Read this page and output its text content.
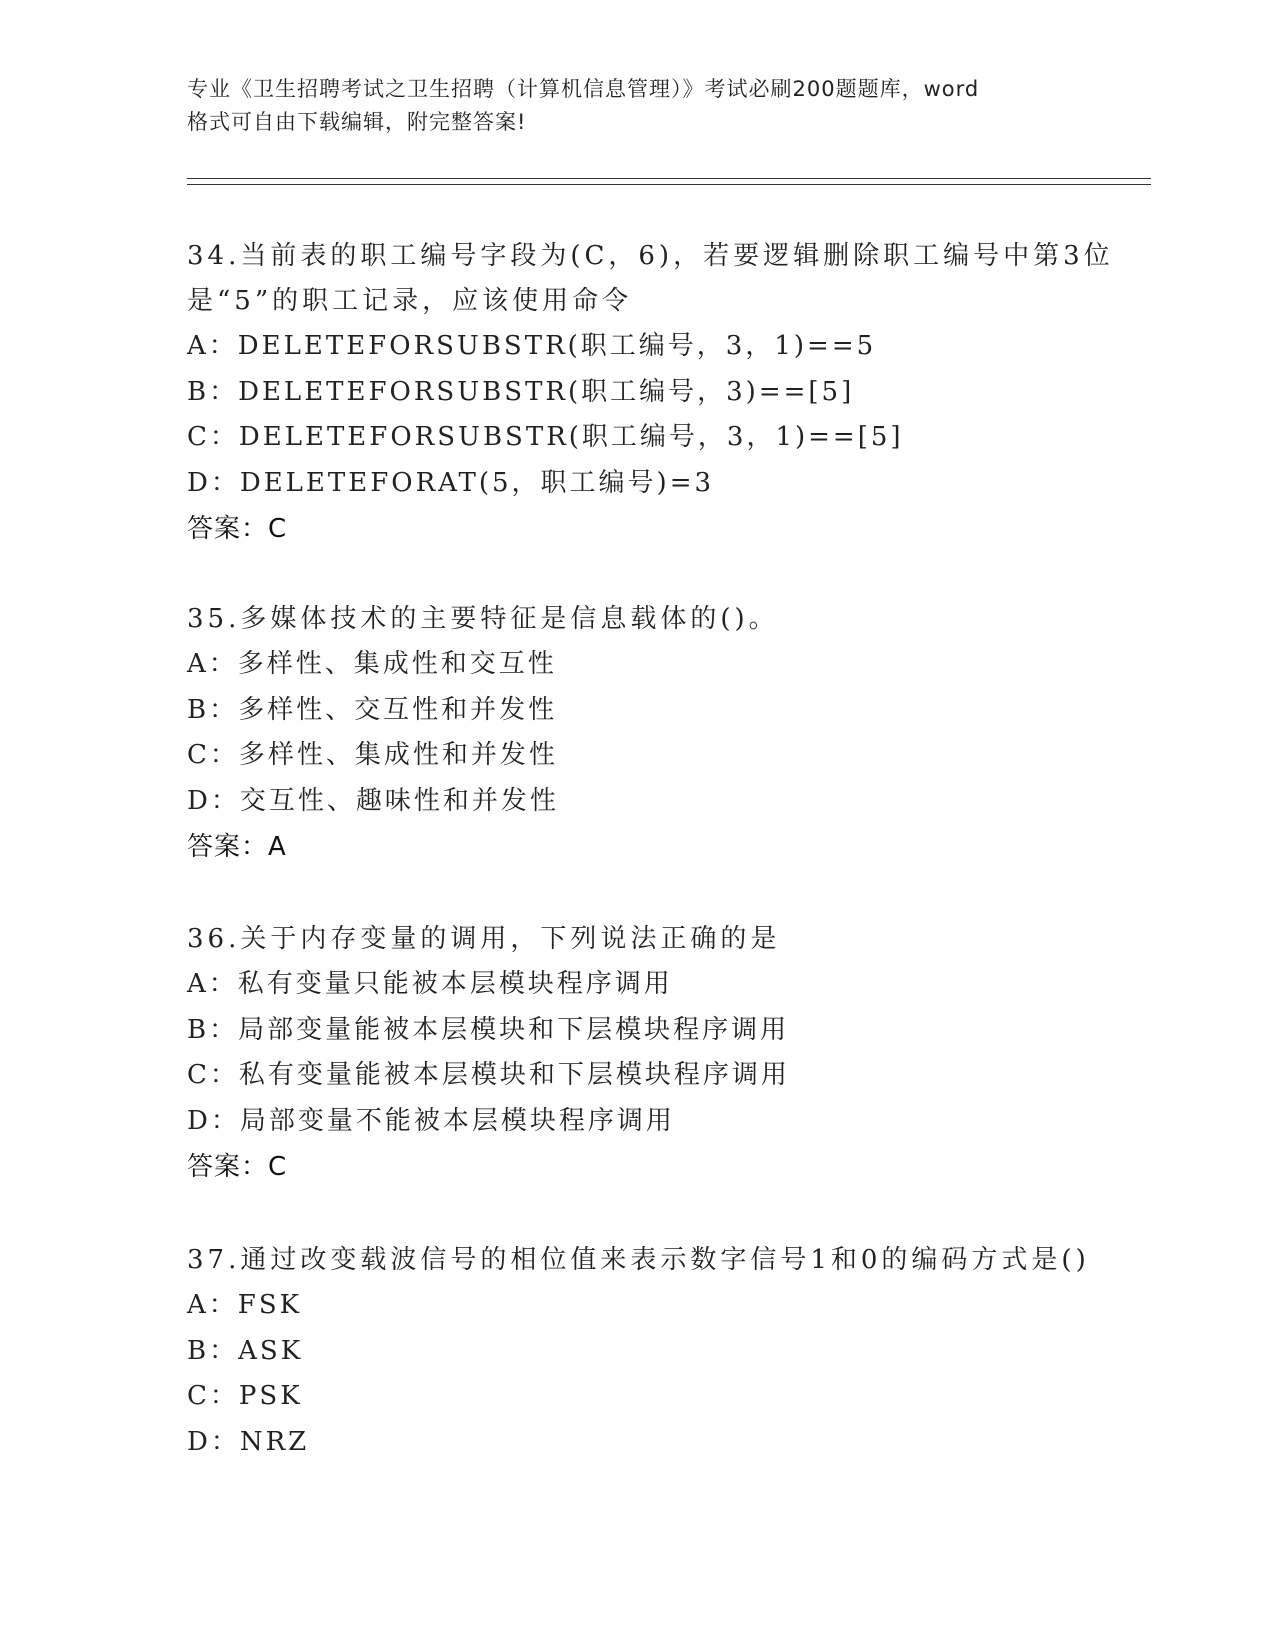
专业《卫生招聘考试之卫生招聘（计算机信息管理）》考试必刷200题题库，word
格式可自由下载编辑，附完整答案!
34.当前表的职工编号字段为(C，6)，若要逻辑删除职工编号中第3位
是“5”的职工记录，应该使用命令
A：DELETEFORSUBSTR(职工编号，3，1)==5
B：DELETEFORSUBSTR(职工编号，3)==[5]
C：DELETEFORSUBSTR(职工编号，3，1)==[5]
D：DELETEFORAT(5，职工编号)=3
答案：C
35.多媒体技术的主要特征是信息载体的()。
A：多样性、集成性和交互性
B：多样性、交互性和并发性
C：多样性、集成性和并发性
D：交互性、趣味性和并发性
答案：A
36.关于内存变量的调用，下列说法正确的是
A：私有变量只能被本层模块程序调用
B：局部变量能被本层模块和下层模块程序调用
C：私有变量能被本层模块和下层模块程序调用
D：局部变量不能被本层模块程序调用
答案：C
37.通过改变载波信号的相位值来表示数字信号1和0的编码方式是()
A：FSK
B：ASK
C：PSK
D：NRZ
